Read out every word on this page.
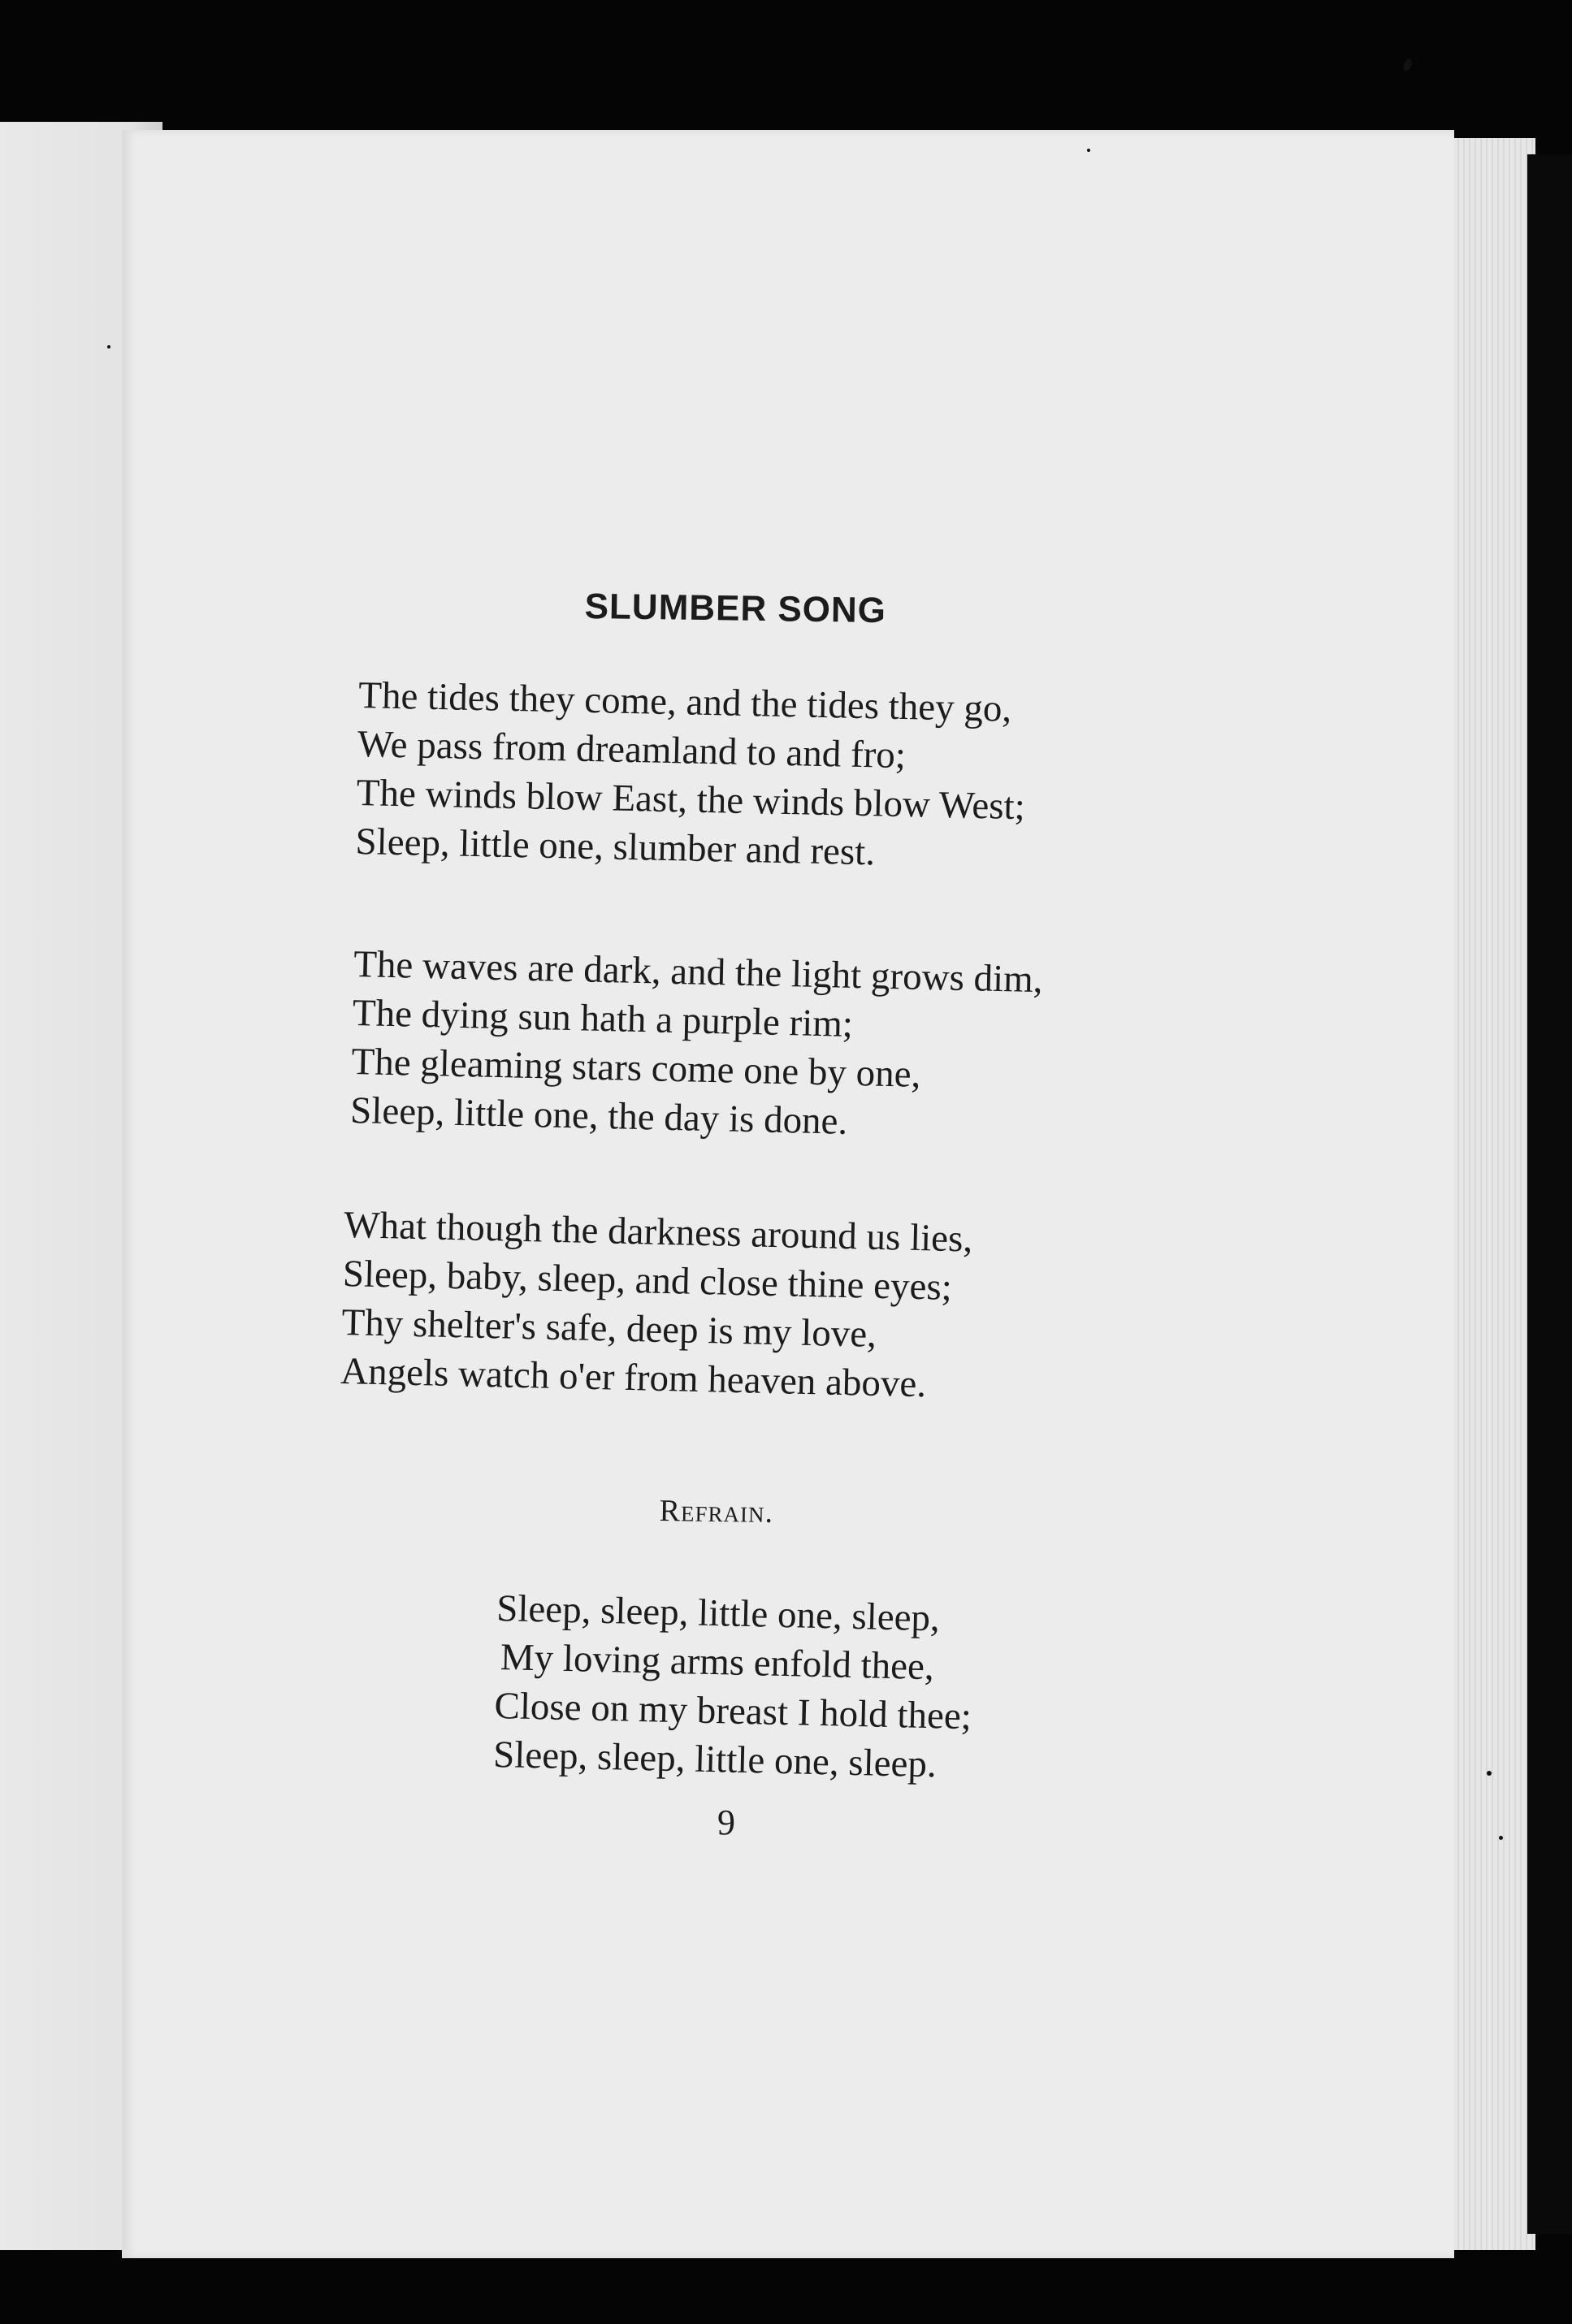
SLUMBER SONG
The tides they come, and the tides they go,
We pass from dreamland to and fro;
The winds blow East, the winds blow West;
Sleep, little one, slumber and rest.
The waves are dark, and the light grows dim,
The dying sun hath a purple rim;
The gleaming stars come one by one,
Sleep, little one, the day is done.
What though the darkness around us lies,
Sleep, baby, sleep, and close thine eyes;
Thy shelter's safe, deep is my love,
Angels watch o'er from heaven above.
Refrain.
Sleep, sleep, little one, sleep,
My loving arms enfold thee,
Close on my breast I hold thee;
Sleep, sleep, little one, sleep.
9
